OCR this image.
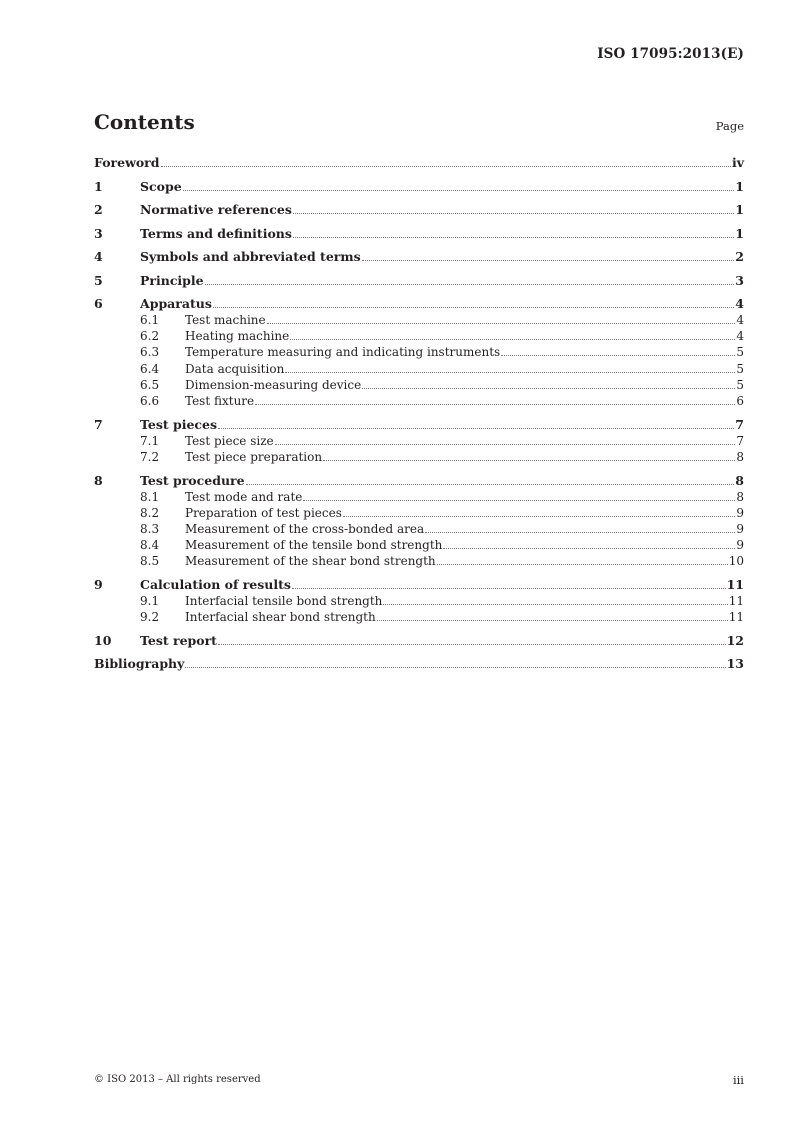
ISO 17095:2013(E)
Contents	Page
Foreword	iv
1	Scope	1
2	Normative references	1
3	Terms and definitions	1
4	Symbols and abbreviated terms	2
5	Principle	3
6	Apparatus	4
6.1	Test machine	4
6.2	Heating machine	4
6.3	Temperature measuring and indicating instruments	5
6.4	Data acquisition	5
6.5	Dimension-measuring device	5
6.6	Test fixture	6
7	Test pieces	7
7.1	Test piece size	7
7.2	Test piece preparation	8
8	Test procedure	8
8.1	Test mode and rate	8
8.2	Preparation of test pieces	9
8.3	Measurement of the cross-bonded area	9
8.4	Measurement of the tensile bond strength	9
8.5	Measurement of the shear bond strength	10
9	Calculation of results	11
9.1	Interfacial tensile bond strength	11
9.2	Interfacial shear bond strength	11
10	Test report	12
Bibliography	13
© ISO 2013 – All rights reserved	iii
